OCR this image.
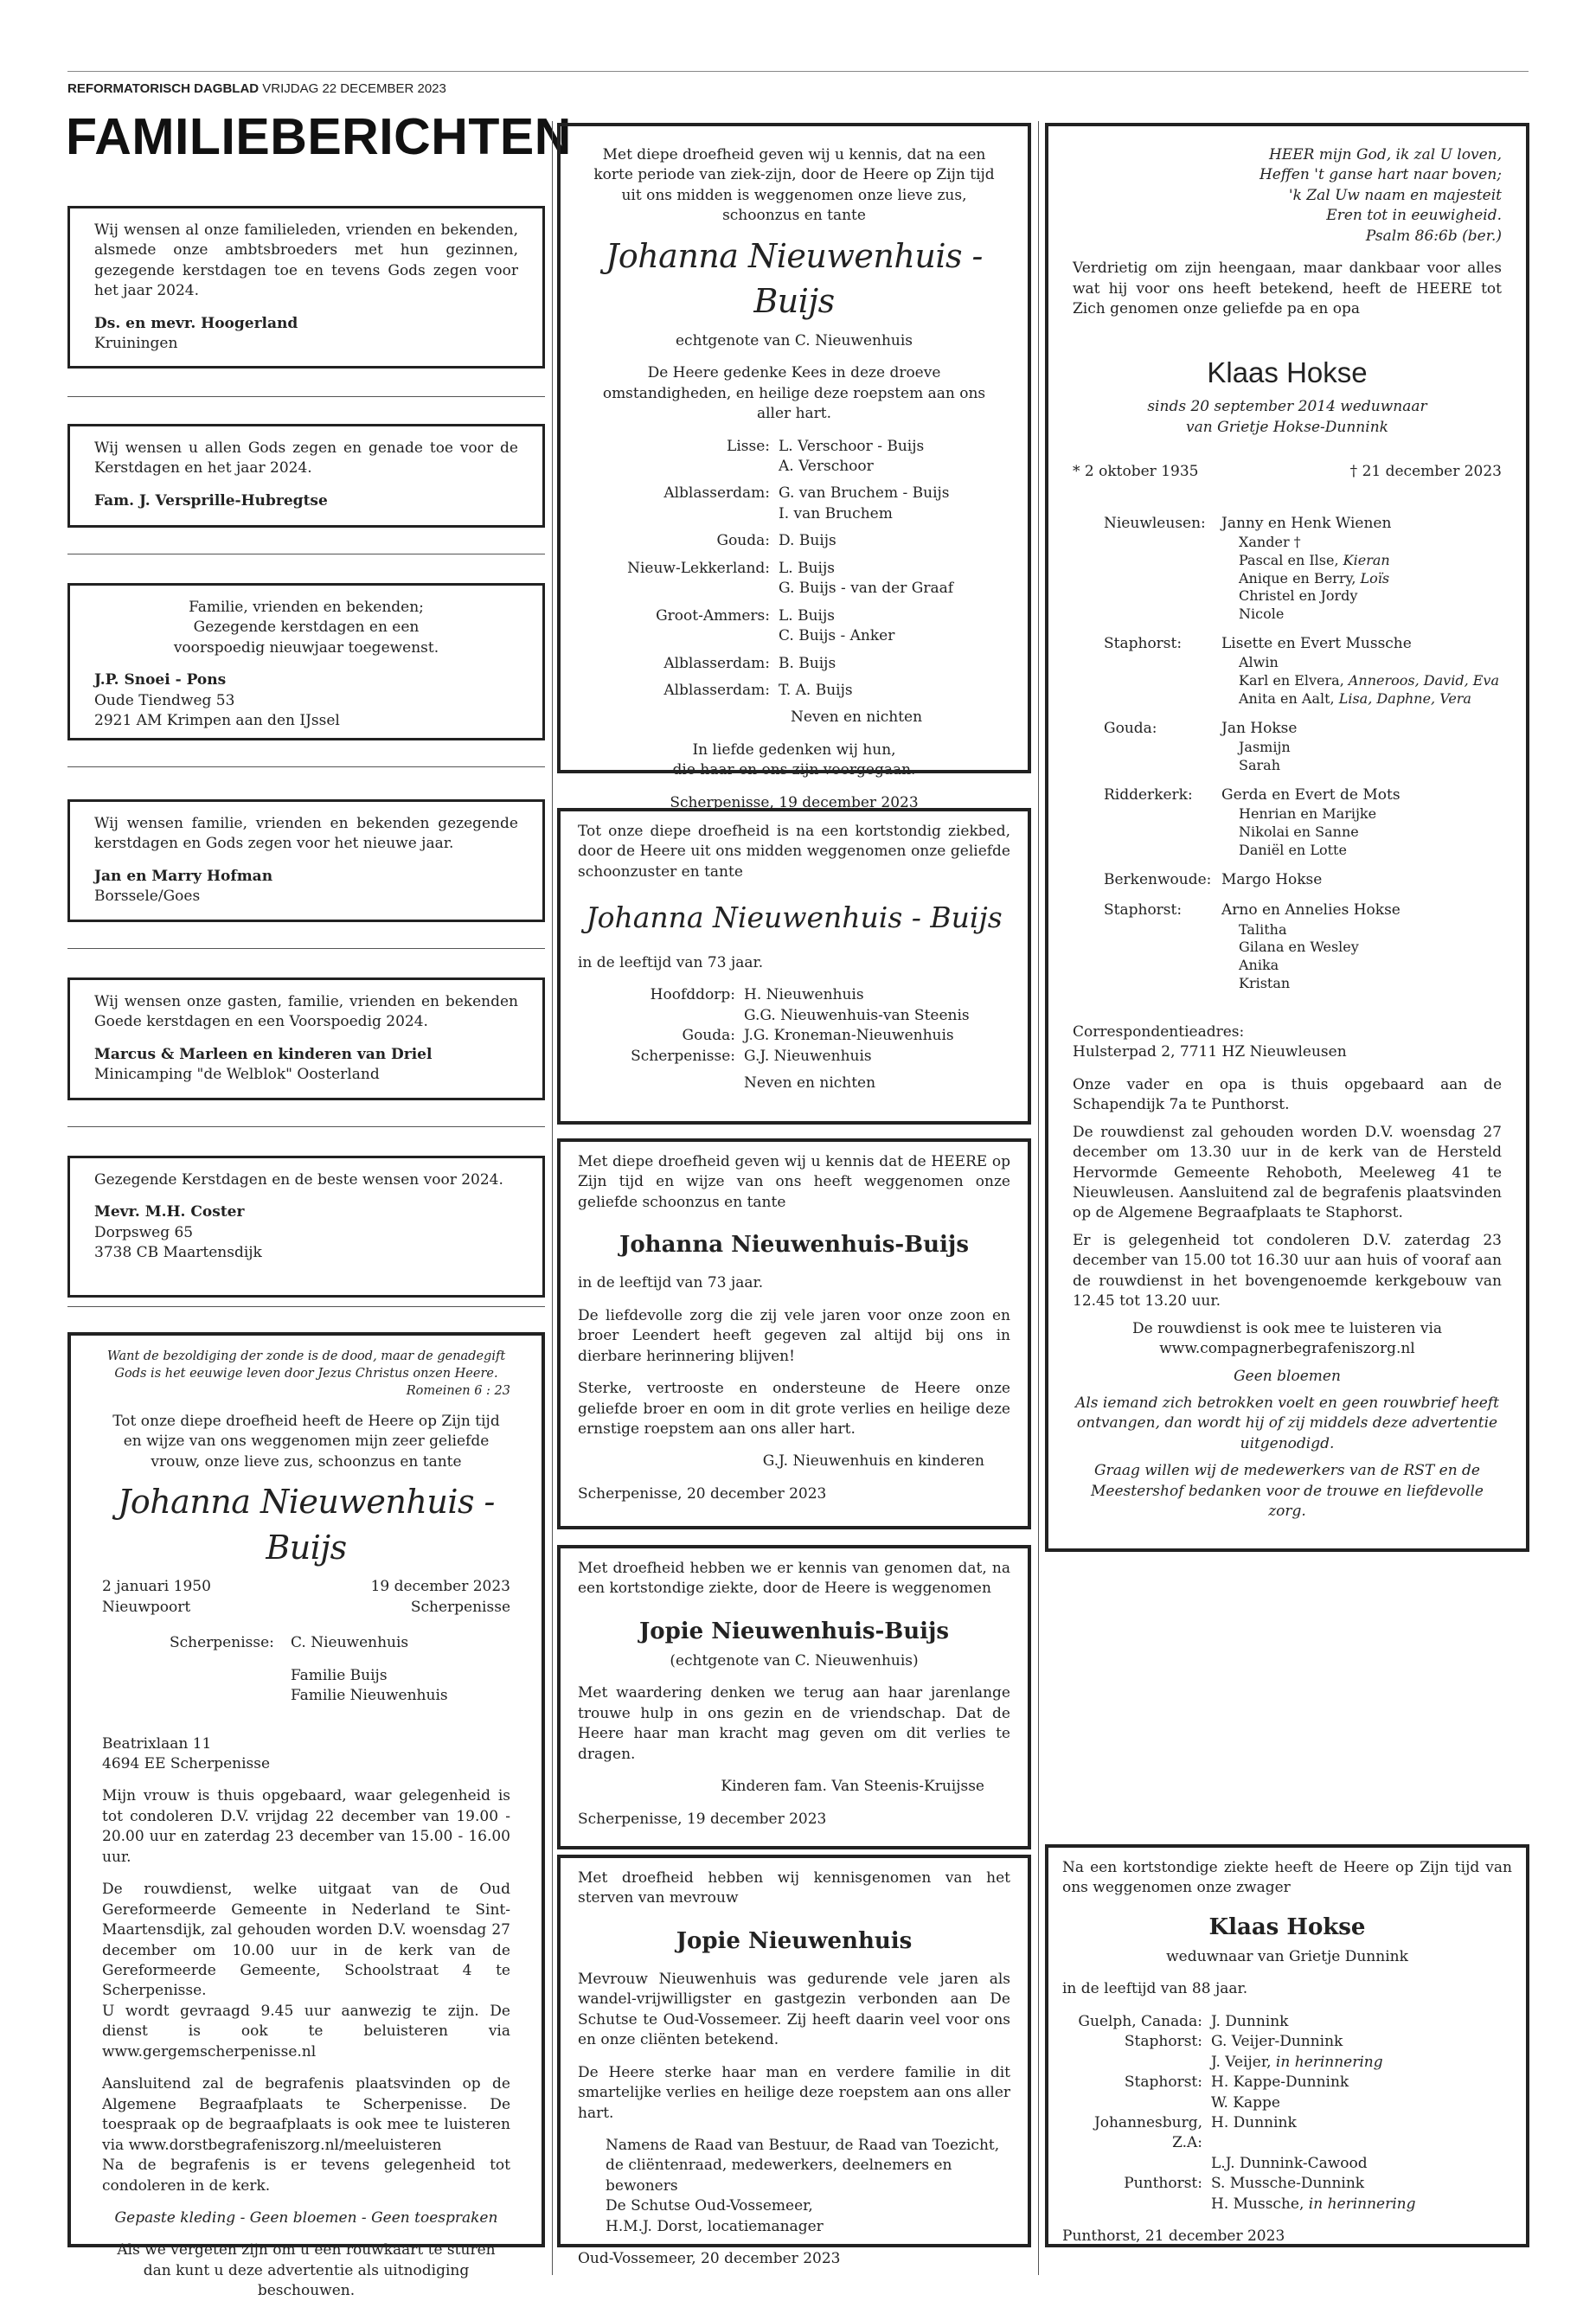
REFORMATORISCH DAGBLAD VRIJDAG 22 DECEMBER 2023
FAMILIEBERICHTEN
Wij wensen al onze familieleden, vrienden en bekenden, alsmede onze ambtsbroeders met hun gezinnen, gezegende kerstdagen toe en tevens Gods zegen voor het jaar 2024.
Ds. en mevr. Hoogerland
Kruiningen
Wij wensen u allen Gods zegen en genade toe voor de Kerstdagen en het jaar 2024.
Fam. J. Versprille-Hubregtse
Familie, vrienden en bekenden;
Gezegende kerstdagen en een
voorspoedig nieuwjaar toegewenst.
J.P. Snoei - Pons
Oude Tiendweg 53
2921 AM Krimpen aan den IJssel
Wij wensen familie, vrienden en bekenden gezegende kerstdagen en Gods zegen voor het nieuwe jaar.
Jan en Marry Hofman
Borssele/Goes
Wij wensen onze gasten, familie, vrienden en bekenden Goede kerstdagen en een Voorspoedig 2024.
Marcus & Marleen en kinderen van Driel
Minicamping "de Welblok" Oosterland
Gezegende Kerstdagen en de beste wensen voor 2024.
Mevr. M.H. Coster
Dorpsweg 65
3738 CB Maartensdijk
Want de bezoldiging der zonde is de dood, maar de genadegift Gods is het eeuwige leven door Jezus Christus onzen Heere.
Romeinen 6 : 23
Tot onze diepe droefheid heeft de Heere op Zijn tijd en wijze van ons weggenomen mijn zeer geliefde vrouw, onze lieve zus, schoonzus en tante
Johanna Nieuwenhuis - Buijs
2 januari 1950
Nieuwpoort
19 december 2023
Scherpenisse
Scherpenisse:	C. Nieuwenhuis
Familie Buijs
Familie Nieuwenhuis
Beatrixlaan 11
4694 EE Scherpenisse
Mijn vrouw is thuis opgebaard, waar gelegenheid is tot condoleren D.V. vrijdag 22 december van 19.00 - 20.00 uur en zaterdag 23 december van 15.00 - 16.00 uur.
De rouwdienst, welke uitgaat van de Oud Gereformeerde Gemeente in Nederland te Sint-Maartensdijk, zal gehouden worden D.V. woensdag 27 december om 10.00 uur in de kerk van de Gereformeerde Gemeente, Schoolstraat 4 te Scherpenisse.
U wordt gevraagd 9.45 uur aanwezig te zijn. De dienst is ook te beluisteren via www.gergemscherpenisse.nl
Aansluitend zal de begrafenis plaatsvinden op de Algemene Begraafplaats te Scherpenisse. De toespraak op de begraafplaats is ook mee te luisteren via www.dorstbegrafeniszorg.nl/meeluisteren
Na de begrafenis is er tevens gelegenheid tot condoleren in de kerk.
Gepaste kleding - Geen bloemen - Geen toespraken
Als we vergeten zijn om u een rouwkaart te sturen dan kunt u deze advertentie als uitnodiging beschouwen.
Met diepe droefheid geven wij u kennis, dat na een korte periode van ziek-zijn, door de Heere op Zijn tijd uit ons midden is weggenomen onze lieve zus, schoonzus en tante
Johanna Nieuwenhuis - Buijs
echtgenote van C. Nieuwenhuis
De Heere gedenke Kees in deze droeve omstandigheden, en heilige deze roepstem aan ons aller hart.
Lisse: L. Verschoor - Buijs
A. Verschoor
Alblasserdam: G. van Bruchem - Buijs
I. van Bruchem
Gouda: D. Buijs
Nieuw-Lekkerland: L. Buijs
G. Buijs - van der Graaf
Groot-Ammers: L. Buijs
C. Buijs - Anker
Alblasserdam: B. Buijs
Alblasserdam: T. A. Buijs
Neven en nichten
In liefde gedenken wij hun,
die haar en ons zijn voorgegaan.
Scherpenisse, 19 december 2023
Tot onze diepe droefheid is na een kortstondig ziekbed, door de Heere uit ons midden weggenomen onze geliefde schoonzuster en tante
Johanna Nieuwenhuis - Buijs
in de leeftijd van 73 jaar.
Hoofddorp: H. Nieuwenhuis
G.G. Nieuwenhuis-van Steenis
Gouda: J.G. Kroneman-Nieuwenhuis
Scherpenisse: G.J. Nieuwenhuis
Neven en nichten
Met diepe droefheid geven wij u kennis dat de HEERE op Zijn tijd en wijze van ons heeft weggenomen onze geliefde schoonzus en tante
Johanna Nieuwenhuis-Buijs
in de leeftijd van 73 jaar.
De liefdevolle zorg die zij vele jaren voor onze zoon en broer Leendert heeft gegeven zal altijd bij ons in dierbare herinnering blijven!
Sterke, vertrooste en ondersteune de Heere onze geliefde broer en oom in dit grote verlies en heilige deze ernstige roepstem aan ons aller hart.
G.J. Nieuwenhuis en kinderen
Scherpenisse, 20 december 2023
Met droefheid hebben we er kennis van genomen dat, na een kortstondige ziekte, door de Heere is weggenomen
Jopie Nieuwenhuis-Buijs
(echtgenote van C. Nieuwenhuis)
Met waardering denken we terug aan haar jarenlange trouwe hulp in ons gezin en de vriendschap. Dat de Heere haar man kracht mag geven om dit verlies te dragen.
Kinderen fam. Van Steenis-Kruijsse
Scherpenisse, 19 december 2023
Met droefheid hebben wij kennisgenomen van het sterven van mevrouw
Jopie Nieuwenhuis
Mevrouw Nieuwenhuis was gedurende vele jaren als wandel-vrijwilligster en gastgezin verbonden aan De Schutse te Oud-Vossemeer. Zij heeft daarin veel voor ons en onze cliënten betekend.
De Heere sterke haar man en verdere familie in dit smartelijke verlies en heilige deze roepstem aan ons aller hart.
Namens de Raad van Bestuur, de Raad van Toezicht,
de cliëntenraad, medewerkers, deelnemers en bewoners
De Schutse Oud-Vossemeer,
H.M.J. Dorst, locatiemanager
Oud-Vossemeer, 20 december 2023
HEER mijn God, ik zal U loven,
Heffen 't ganse hart naar boven;
'k Zal Uw naam en majesteit
Eren tot in eeuwigheid.
Psalm 86:6b (ber.)
Verdrietig om zijn heengaan, maar dankbaar voor alles wat hij voor ons heeft betekend, heeft de HEERE tot Zich genomen onze geliefde pa en opa
Klaas Hokse
sinds 20 september 2014 weduwnaar
van Grietje Hokse-Dunnink
* 2 oktober 1935	† 21 december 2023
Nieuwleusen:	Janny en Henk Wienen
Xander †
Pascal en Ilse, Kieran
Anique en Berry, Loïs
Christel en Jordy
Nicole
Staphorst:	Lisette en Evert Mussche
Alwin
Karl en Elvera, Anneroos, David, Eva
Anita en Aalt, Lisa, Daphne, Vera
Gouda:	Jan Hokse
Jasmijn
Sarah
Ridderkerk:	Gerda en Evert de Mots
Henrian en Marijke
Nikolai en Sanne
Daniël en Lotte
Berkenwoude: Margo Hokse
Staphorst:	Arno en Annelies Hokse
Talitha
Gilana en Wesley
Anika
Kristan
Correspondentieadres:
Hulsterpad 2, 7711 HZ Nieuwleusen
Onze vader en opa is thuis opgebaard aan de Schapendijk 7a te Punthorst.
De rouwdienst zal gehouden worden D.V. woensdag 27 december om 13.30 uur in de kerk van de Hersteld Hervormde Gemeente Rehoboth, Meeleweg 41 te Nieuwleusen. Aansluitend zal de begrafenis plaatsvinden op de Algemene Begraafplaats te Staphorst.
Er is gelegenheid tot condoleren D.V. zaterdag 23 december van 15.00 tot 16.30 uur aan huis of vooraf aan de rouwdienst in het bovengenoemde kerkgebouw van 12.45 tot 13.20 uur.
De rouwdienst is ook mee te luisteren via
www.compagnerbegrafeniszorg.nl
Geen bloemen
Als iemand zich betrokken voelt en geen rouwbrief heeft ontvangen, dan wordt hij of zij middels deze advertentie uitgenodigd.
Graag willen wij de medewerkers van de RST en de Meestershof bedanken voor de trouwe en liefdevolle zorg.
Na een kortstondige ziekte heeft de Heere op Zijn tijd van ons weggenomen onze zwager
Klaas Hokse
weduwnaar van Grietje Dunnink
in de leeftijd van 88 jaar.
Guelph, Canada: J. Dunnink
Staphorst: G. Veijer-Dunnink
J. Veijer, in herinnering
Staphorst: H. Kappe-Dunnink
W. Kappe
Johannesburg, Z.A:
H. Dunnink
L.J. Dunnink-Cawood
Punthorst: S. Mussche-Dunnink
H. Mussche, in herinnering
Punthorst, 21 december 2023
